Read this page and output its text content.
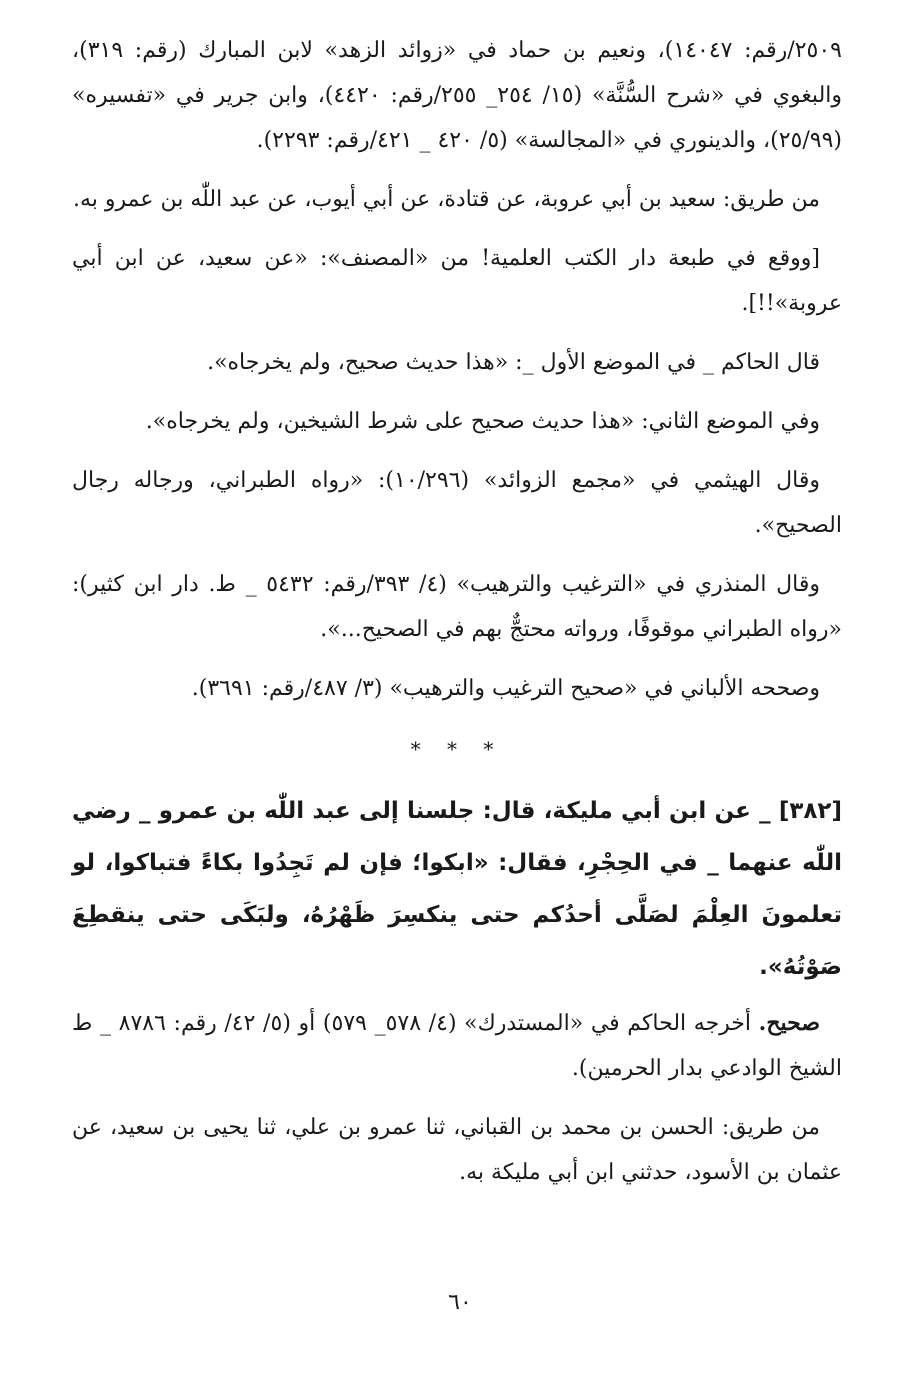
٢٥٠٩/رقم: ١٤٠٤٧)، ونعيم بن حماد في «زوائد الزهد» لابن المبارك (رقم: ٣١٩)، والبغوي في «شرح السُّنَّة» (١٥/ ٢٥٤_ ٢٥٥/رقم: ٤٤٢٠)، وابن جرير في «تفسيره» (٢٥/٩٩)، والدينوري في «المجالسة» (٥/ ٤٢٠ _ ٤٢١/رقم: ٢٢٩٣).

من طريق: سعيد بن أبي عروبة، عن قتادة، عن أبي أيوب، عن عبد اللّٰه بن عمرو به.

[ووقع في طبعة دار الكتب العلمية! من «المصنف»: «عن سعيد، عن ابن أبي عروبة»!!].

قال الحاكم _ في الموضع الأول _: «هذا حديث صحيح، ولم يخرجاه».

وفي الموضع الثاني: «هذا حديث صحيح على شرط الشيخين، ولم يخرجاه».

وقال الهيثمي في «مجمع الزوائد» (١٠/٢٩٦): «رواه الطبراني، ورجاله رجال الصحيح».

وقال المنذري في «الترغيب والترهيب» (٤/ ٣٩٣/رقم: ٥٤٣٢ _ ط. دار ابن كثير): «رواه الطبراني موقوفًا، ورواته محتجٌّ بهم في الصحيح...».

وصححه الألباني في «صحيح الترغيب والترهيب» (٣/ ٤٨٧/رقم: ٣٦٩١).

* * *

[٣٨٢] _ عن ابن أبي مليكة، قال: جلسنا إلى عبد اللّٰه بن عمرو _ رضي اللّٰه عنهما _ في الحِجْرِ، فقال: «ابكوا؛ فإن لم تَجِدُوا بكاءً فتباكوا، لو تعلمونَ العِلْمَ لصَلَّى أحدُكم حتى ينكسِرَ ظَهْرُهُ، ولبَكَى حتى ينقطِعَ صَوْتُهُ».

صحيح. أخرجه الحاكم في «المستدرك» (٤/ ٥٧٨_ ٥٧٩) أو (٥/ ٤٢/ رقم: ٨٧٨٦ _ ط الشيخ الوادعي بدار الحرمين).

من طريق: الحسن بن محمد بن القباني، ثنا عمرو بن علي، ثنا يحيى بن سعيد، عن عثمان بن الأسود، حدثني ابن أبي مليكة به.

٦٠
